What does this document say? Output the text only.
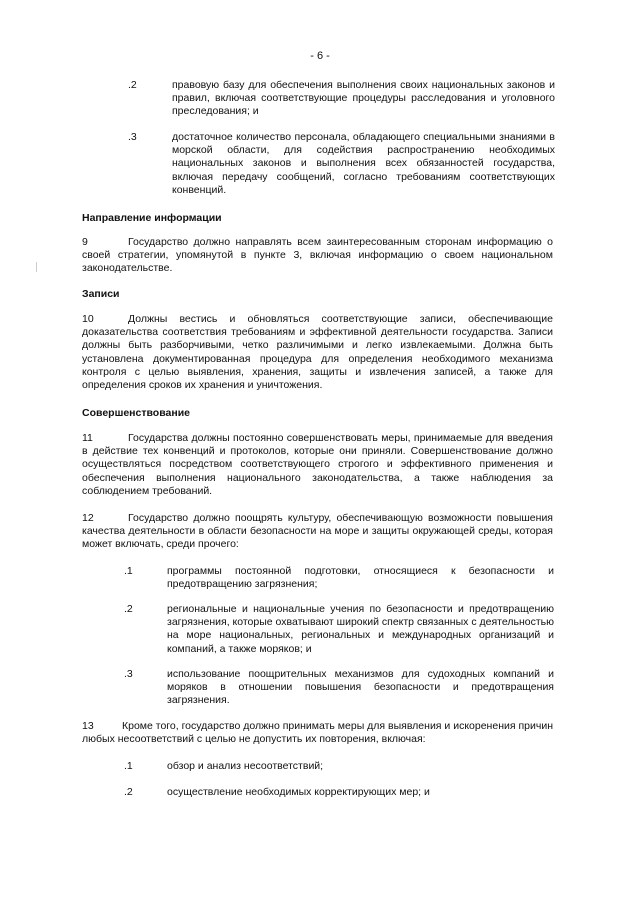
- 6 -
.2	правовую базу для обеспечения выполнения своих национальных законов и правил, включая соответствующие процедуры расследования и уголовного преследования; и
.3	достаточное количество персонала, обладающего специальными знаниями в морской области, для содействия распространению необходимых национальных законов и выполнения всех обязанностей государства, включая передачу сообщений, согласно требованиям соответствующих конвенций.
Направление информации
9	Государство должно направлять всем заинтересованным сторонам информацию о своей стратегии, упомянутой в пункте 3, включая информацию о своем национальном законодательстве.
Записи
10	Должны вестись и обновляться соответствующие записи, обеспечивающие доказательства соответствия требованиям и эффективной деятельности государства. Записи должны быть разборчивыми, четко различимыми и легко извлекаемыми. Должна быть установлена документированная процедура для определения необходимого механизма контроля с целью выявления, хранения, защиты и извлечения записей, а также для определения сроков их хранения и уничтожения.
Совершенствование
11	Государства должны постоянно совершенствовать меры, принимаемые для введения в действие тех конвенций и протоколов, которые они приняли. Совершенствование должно осуществляться посредством соответствующего строгого и эффективного применения и обеспечения выполнения национального законодательства, а также наблюдения за соблюдением требований.
12	Государство должно поощрять культуру, обеспечивающую возможности повышения качества деятельности в области безопасности на море и защиты окружающей среды, которая может включать, среди прочего:
.1	программы постоянной подготовки, относящиеся к безопасности и предотвращению загрязнения;
.2	региональные и национальные учения по безопасности и предотвращению загрязнения, которые охватывают широкий спектр связанных с деятельностью на море национальных, региональных и международных организаций и компаний, а также моряков; и
.3	использование поощрительных механизмов для судоходных компаний и моряков в отношении повышения безопасности и предотвращения загрязнения.
13	Кроме того, государство должно принимать меры для выявления и искоренения причин любых несоответствий с целью не допустить их повторения, включая:
.1	обзор и анализ несоответствий;
.2	осуществление необходимых корректирующих мер; и
